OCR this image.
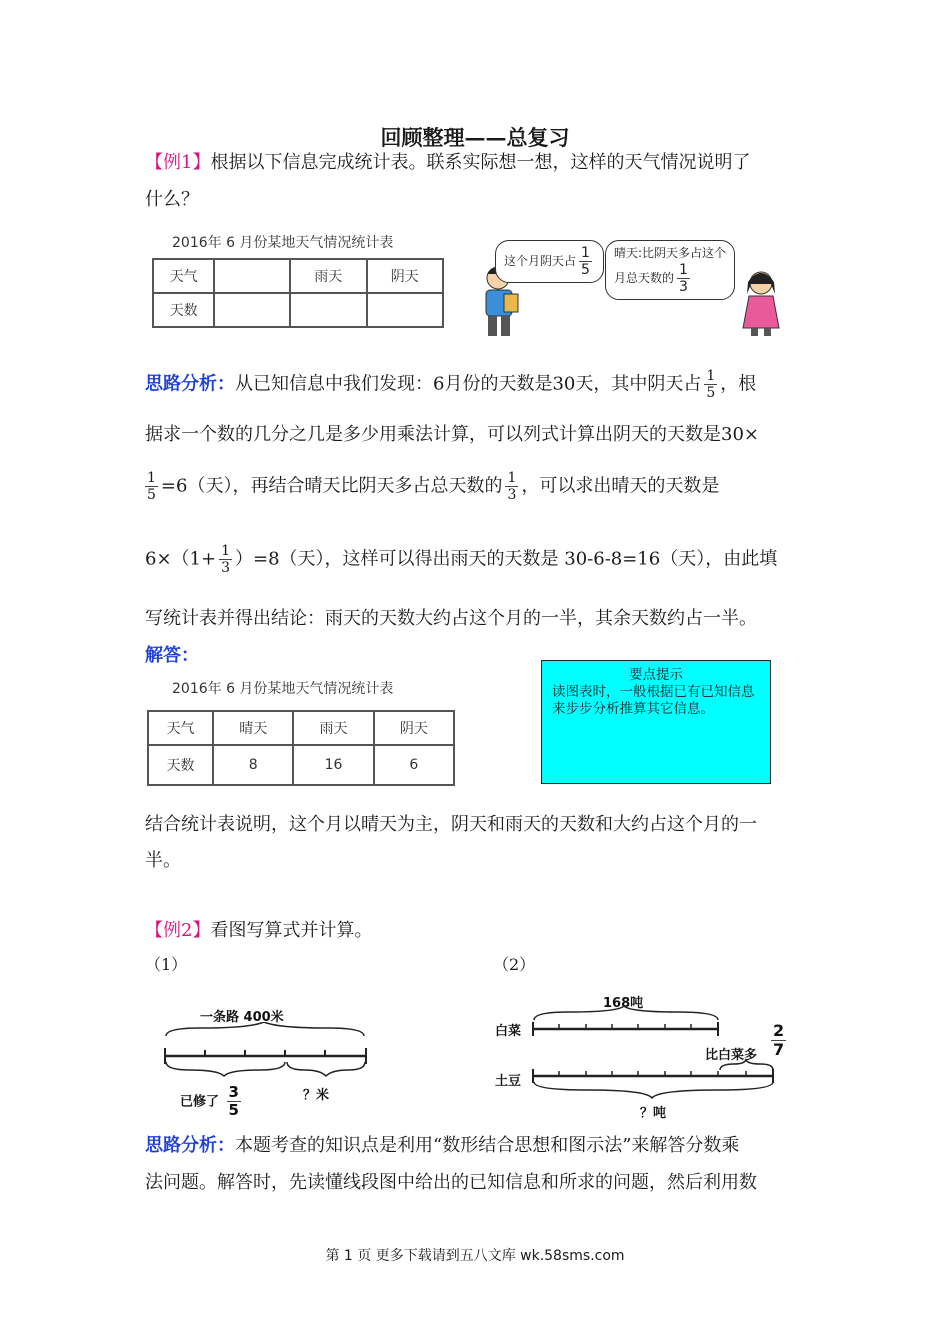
回顾整理——总复习
【例1】根据以下信息完成统计表。联系实际想一想，这样的天气情况说明了
什么？
2016年 6 月份某地天气情况统计表
天气		雨天	阴天
天数			
这个月阴天占 $\frac{1}{5}$ 晴天:比阴天多占这个
月总天数的 $\frac{1}{3}$
思路分析：从已知信息中我们发现：6月份的天数是30天，其中阴天占 $\frac{1}{5}$ ，根
据求一个数的几分之几是多少用乘法计算，可以列式计算出阴天的天数是30×
$\frac{1}{5} =6$（天），再结合晴天比阴天多占总天数的 $\frac{1}{3}$ ，可以求出晴天的天数是
$6\times(1+ \frac{1}{3} )=8$（天），这样可以得出雨天的天数是 30-6-8=16（天），由此填
写统计表并得出结论：雨天的天数大约占这个月的一半，其余天数约占一半。
解答：
2016年 6 月份某地天气情况统计表
天气	晴天	雨天	阴天
天数	8	16	6
要点提示
读图表时，一般根据已有已知信息来步步分析推算其它信息。
结合统计表说明，这个月以晴天为主，阴天和雨天的天数和大约占这个月的一
半。
【例2】看图写算式并计算。
（1）	（2）
一条路 400米
已修了 $\frac{3}{5}$	？米
168吨
白菜
土豆
比白菜多 $\frac{2}{7}$
？吨
思路分析：本题考查的知识点是利用“数形结合思想和图示法”来解答分数乘
法问题。解答时，先读懂线段图中给出的已知信息和所求的问题，然后利用数
第 1 页 更多下载请到五八文库 wk.58sms.com
